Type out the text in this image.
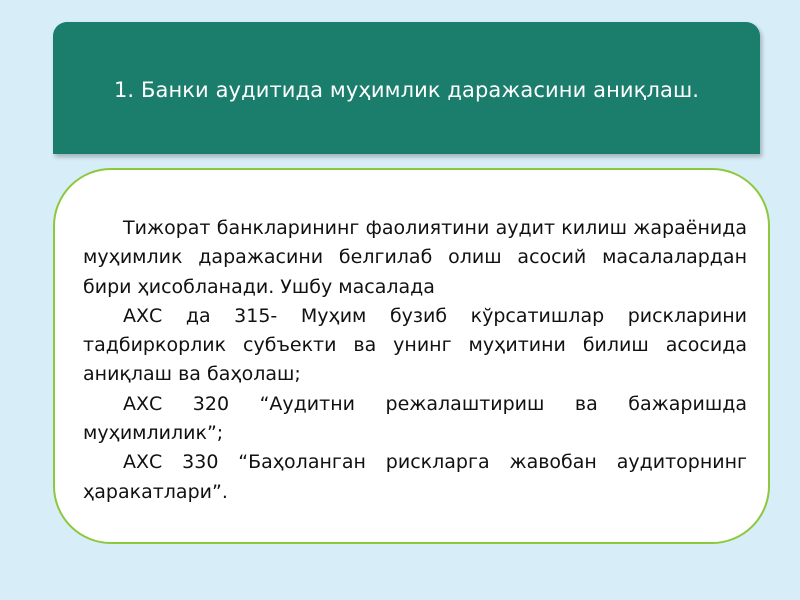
1. Банки аудитида муҳимлик даражасини аниқлаш.

Тижорат банкларининг фаолиятини аудит килиш жараёнида муҳимлик даражасини белгилаб олиш асосий масалалардан бири ҳисобланади. Ушбу масалада

АХС да 315- Муҳим бузиб кўрсатишлар рискларини тадбиркорлик субъекти ва унинг муҳитини билиш асосида аниқлаш ва баҳолаш;

АХС 320 “Аудитни режалаштириш ва бажаришда муҳимлилик”;

АХС 330 “Баҳоланган рискларга жавобан аудиторнинг ҳаракатлари”.
